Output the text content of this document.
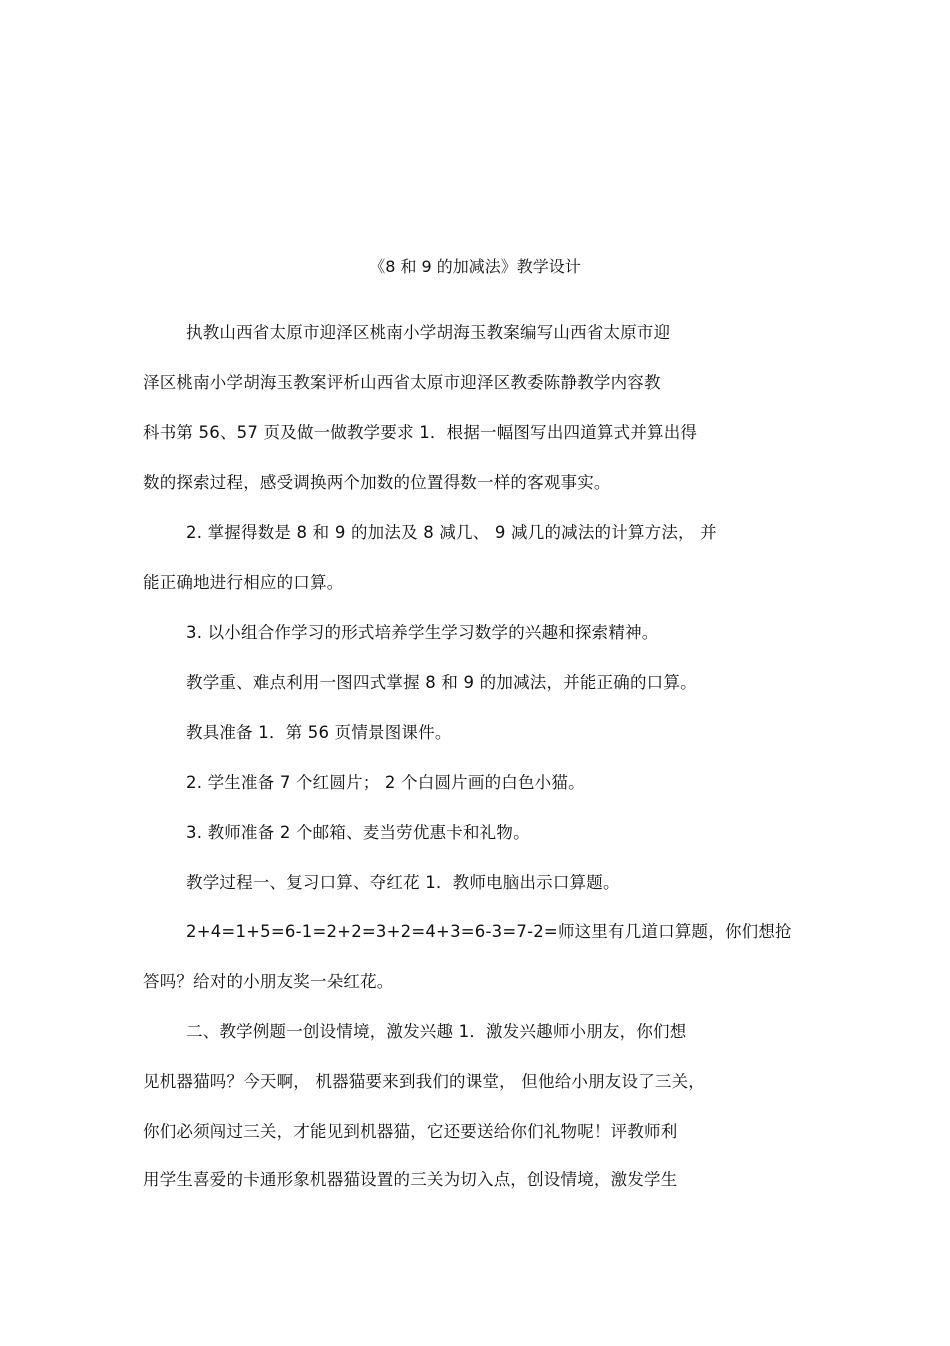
《8 和 9 的加减法》教学设计
执教山西省太原市迎泽区桃南小学胡海玉教案编写山西省太原市迎
泽区桃南小学胡海玉教案评析山西省太原市迎泽区教委陈静教学内容教
科书第 56、57 页及做一做教学要求 1．根据一幅图写出四道算式并算出得
数的探索过程，感受调换两个加数的位置得数一样的客观事实。
2. 掌握得数是 8 和 9 的加法及 8 减几、 9 减几的减法的计算方法， 并
能正确地进行相应的口算。
3. 以小组合作学习的形式培养学生学习数学的兴趣和探索精神。
教学重、难点利用一图四式掌握 8 和 9 的加减法，并能正确的口算。
教具准备 1．第 56 页情景图课件。
2. 学生准备 7 个红圆片； 2 个白圆片画的白色小猫。
3. 教师准备 2 个邮箱、麦当劳优惠卡和礼物。
教学过程一、复习口算、夺红花 1．教师电脑出示口算题。
2+4=1+5=6-1=2+2=3+2=4+3=6-3=7-2=师这里有几道口算题，你们想抢
答吗？给对的小朋友奖一朵红花。
二、教学例题一创设情境，激发兴趣 1．激发兴趣师小朋友，你们想
见机器猫吗？今天啊， 机器猫要来到我们的课堂， 但他给小朋友设了三关，
你们必须闯过三关，才能见到机器猫，它还要送给你们礼物呢！评教师利
用学生喜爱的卡通形象机器猫设置的三关为切入点，创设情境，激发学生
